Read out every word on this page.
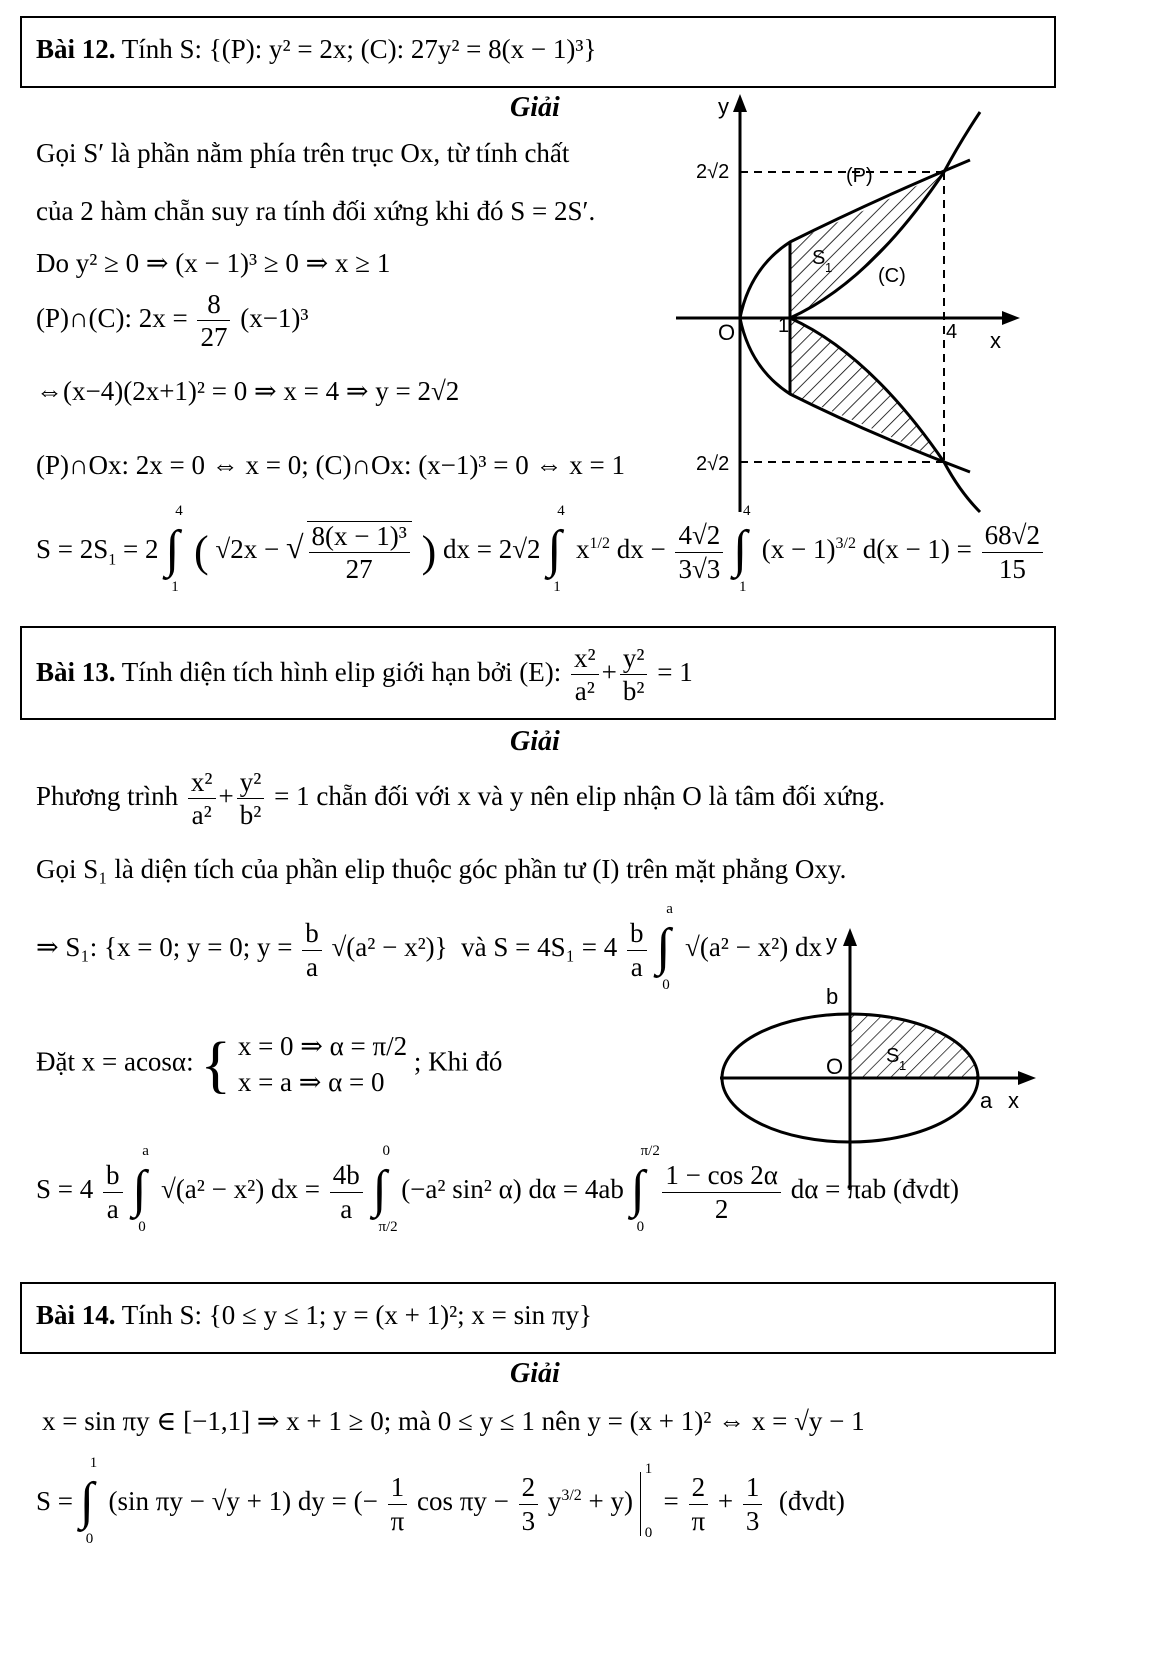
Bài 12. Tính S: {(P): y² = 2x; (C): 27y² = 8(x − 1)³}
Giải
Gọi S′ là phần nằm phía trên trục Ox, từ tính chất
của 2 hàm chẵn suy ra tính đối xứng khi đó S = 2S′.
Do y² ≥ 0 ⇒ (x − 1)³ ≥ 0 ⇒ x ≥ 1
(P)∩(C): $2x = \frac{8}{27} (x-1)^3$
⇔(x−4)(2x+1)² = 0 ⇒ x = 4 ⇒ y = 2√2
(P)∩Ox: 2x = 0 ⇔ x = 0; (C)∩Ox: (x−1)³ = 0 ⇔ x = 1
$S = 2S_1 = 2$ ∫
4
1
( √2x − √ $\frac{\text{8(x − 1)³}}{27}$ ) dx = 2√2 ∫
4
1
$x^{1/2}$ dx − $\frac{4√2}{3√3}$
∫
4
1
$(x - 1)^{3/2}$ $d(x - 1) = \frac{68√2}{15}$
y
x
O
2√2
2√2
1	4
(P)
(C)
S 1
Bài 13. Tính diện tích hình elip giới hạn bởi (E): $\frac{\text{x²}}{\text{a²}} + \frac{\text{y²}}{\text{b²}} = 1$
Giải
Phương trình $\frac{\text{x²}}{\text{a²}} + \frac{\text{y²}}{\text{b²}} = 1$ chẵn đối với x và y nên elip nhận O là tâm đối xứng.
Gọi S₁ là diện tích của phần elip thuộc góc phần tư (I) trên mặt phẳng Oxy.
⇒ S₁: {x = 0; y = 0; $y = \frac{b}{a} √(a^2 - x^2)$} và $S = 4S_1 = 4 \frac{b}{a}$
∫
a
0
√(a² − x²) dx
Đặt x = acosα: { x = 0 ⇒ α = π/2
x = a ⇒ α = 0
; Khi đó
$S = 4 \frac{b}{a}$
∫
a
0
√(a² − x²) dx = $\frac{4b}{a}$
∫
0
π/2
(−a² sin² α) dα = 4ab ∫
π/2
0

$\frac{1 - \cos 2\alpha}{2}$ dα = πab (đvdt)
y
x
O
b
a
S 1
Bài 14. Tính S: {0 ≤ y ≤ 1; y = (x + 1)²; x = sin πy}
Giải
x = sin πy ∈ [−1,1] ⇒ x + 1 ≥ 0; mà 0 ≤ y ≤ 1 nên y = (x + 1)² ⇔ x = √y − 1
S = ∫
1
0
(sin πy − √y + 1) dy = (− $\frac{1}{\pi}$ $\cos \pi y - \frac{2}{3} y^{3/2} + y$)
1
0
= $\frac{2}{\pi} + \frac{1}{3}$ (đvdt)
